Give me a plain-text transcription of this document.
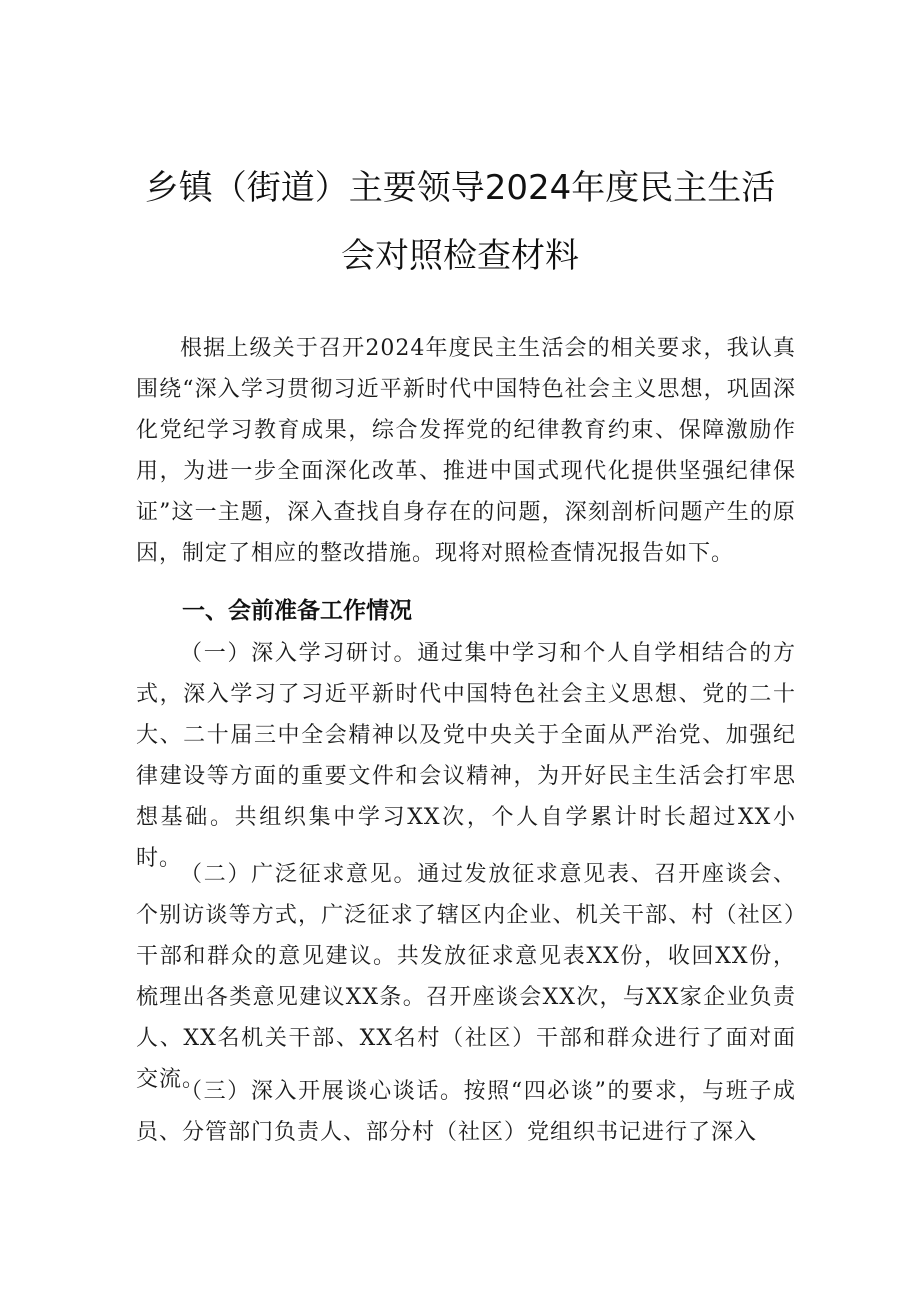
乡镇（街道）主要领导2024年度民主生活
会对照检查材料

根据上级关于召开2024年度民主生活会的相关要求，我认真围绕“深入学习贯彻习近平新时代中国特色社会主义思想，巩固深化党纪学习教育成果，综合发挥党的纪律教育约束、保障激励作用，为进一步全面深化改革、推进中国式现代化提供坚强纪律保证”这一主题，深入查找自身存在的问题，深刻剖析问题产生的原因，制定了相应的整改措施。现将对照检查情况报告如下。

一、会前准备工作情况

（一）深入学习研讨。通过集中学习和个人自学相结合的方式，深入学习了习近平新时代中国特色社会主义思想、党的二十大、二十届三中全会精神以及党中央关于全面从严治党、加强纪律建设等方面的重要文件和会议精神，为开好民主生活会打牢思想基础。共组织集中学习XX次，个人自学累计时长超过XX小时。

（二）广泛征求意见。通过发放征求意见表、召开座谈会、个别访谈等方式，广泛征求了辖区内企业、机关干部、村（社区）干部和群众的意见建议。共发放征求意见表XX份，收回XX份，梳理出各类意见建议XX条。召开座谈会XX次，与XX家企业负责人、XX名机关干部、XX名村（社区）干部和群众进行了面对面交流。

（三）深入开展谈心谈话。按照“四必谈”的要求，与班子成员、分管部门负责人、部分村（社区）党组织书记进行了深入
